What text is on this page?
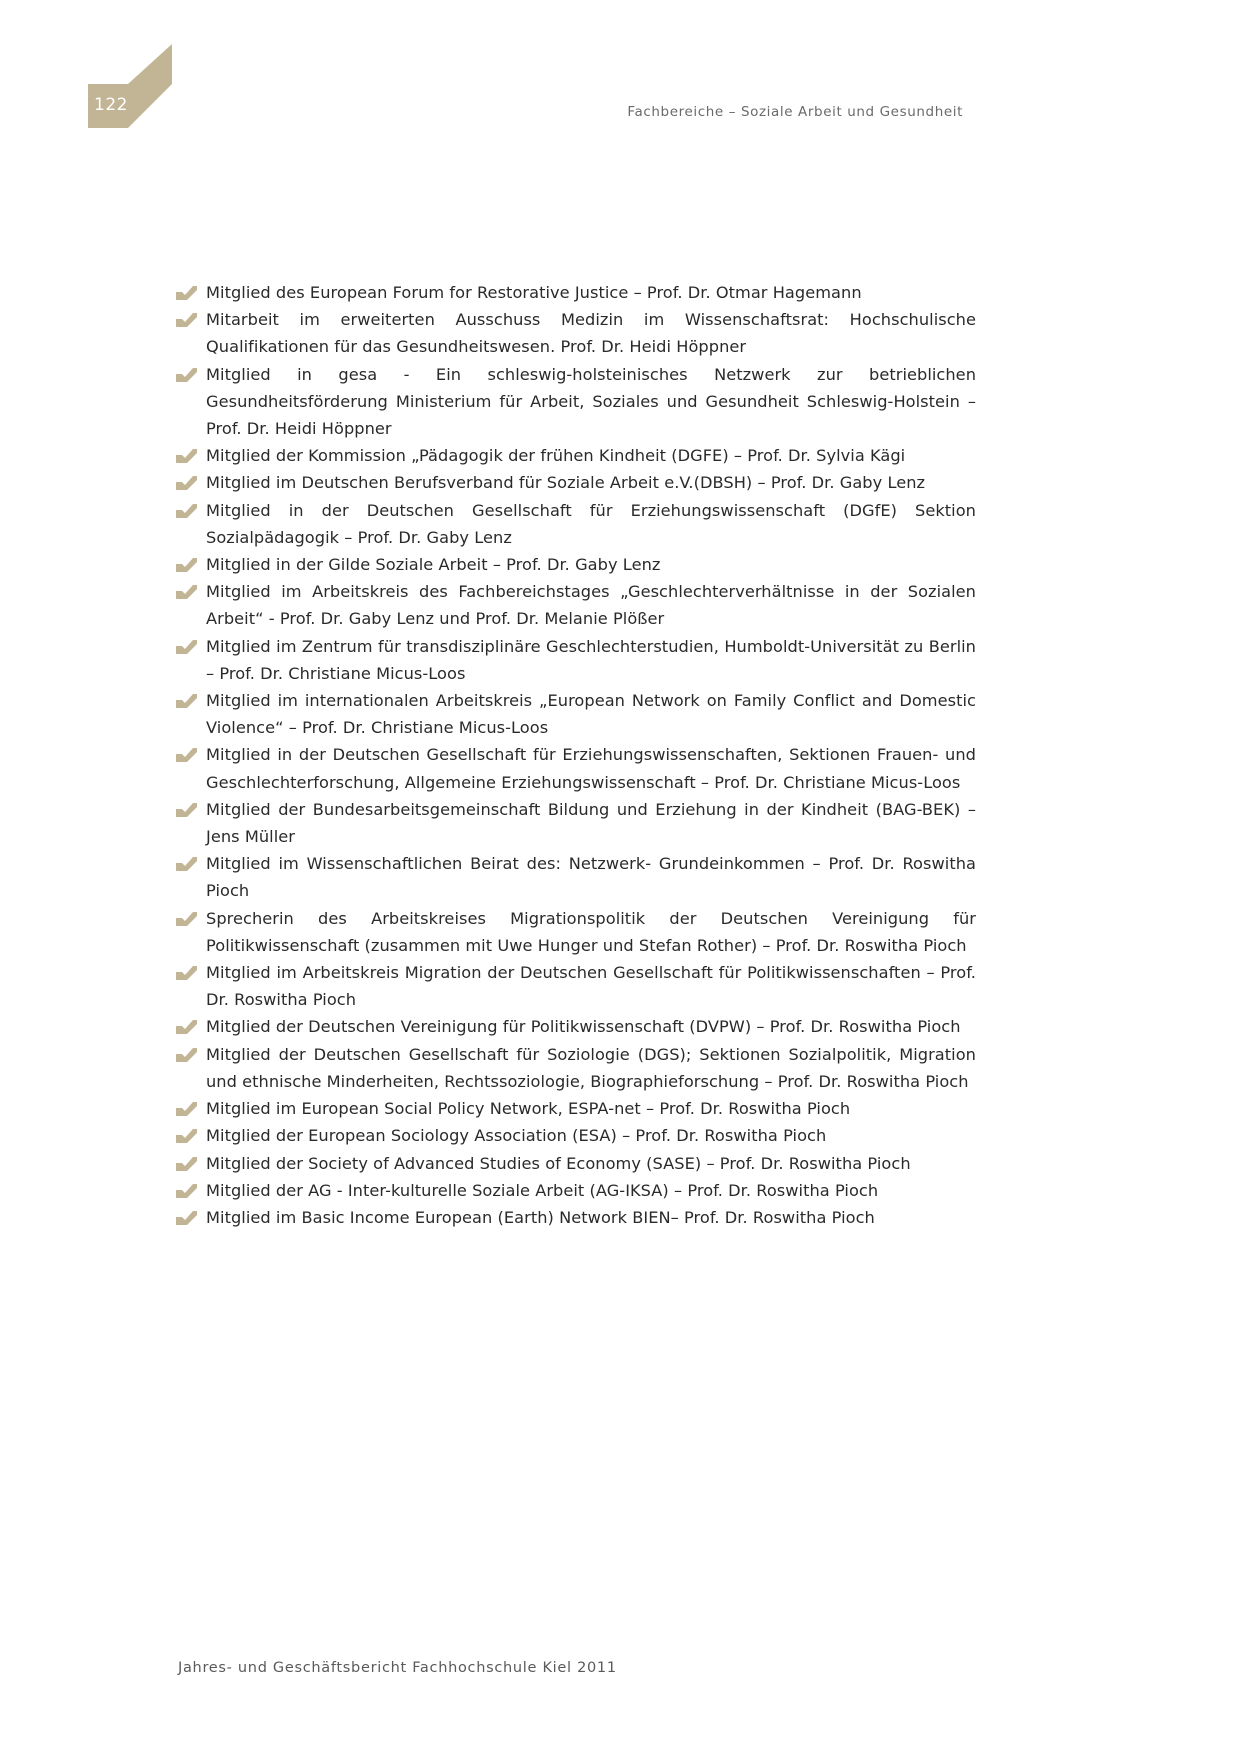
122	Fachbereiche – Soziale Arbeit und Gesundheit
Mitglied des European Forum for Restorative Justice – Prof. Dr. Otmar Hagemann
Mitarbeit im erweiterten Ausschuss Medizin im Wissenschaftsrat: Hochschulische Qualifikationen für das Gesundheitswesen. Prof. Dr. Heidi Höppner
Mitglied in gesa - Ein schleswig-holsteinisches Netzwerk zur betrieblichen Gesundheitsförderung Ministerium für Arbeit, Soziales und Gesundheit Schleswig-Holstein – Prof. Dr. Heidi Höppner
Mitglied der Kommission „Pädagogik der frühen Kindheit (DGFE) – Prof. Dr. Sylvia Kägi
Mitglied im Deutschen Berufsverband für Soziale Arbeit e.V.(DBSH) – Prof. Dr. Gaby Lenz
Mitglied in der Deutschen Gesellschaft für Erziehungswissenschaft (DGfE) Sektion Sozialpädagogik – Prof. Dr. Gaby Lenz
Mitglied in der Gilde Soziale Arbeit – Prof. Dr. Gaby Lenz
Mitglied im Arbeitskreis des Fachbereichstages „Geschlechterverhältnisse in der Sozialen Arbeit“ - Prof. Dr. Gaby Lenz und Prof. Dr. Melanie Plößer
Mitglied im Zentrum für transdisziplinäre Geschlechterstudien, Humboldt-Universität zu Berlin – Prof. Dr. Christiane Micus-Loos
Mitglied im internationalen Arbeitskreis „European Network on Family Conflict and Domestic Violence“ – Prof. Dr. Christiane Micus-Loos
Mitglied in der Deutschen Gesellschaft für Erziehungswissenschaften, Sektionen Frauen- und Geschlechterforschung, Allgemeine Erziehungswissenschaft – Prof. Dr. Christiane Micus-Loos
Mitglied der Bundesarbeitsgemeinschaft Bildung und Erziehung in der Kindheit (BAG-BEK) – Jens Müller
Mitglied im Wissenschaftlichen Beirat des: Netzwerk- Grundeinkommen – Prof. Dr. Roswitha Pioch
Sprecherin des Arbeitskreises Migrationspolitik der Deutschen Vereinigung für Politikwissenschaft (zusammen mit Uwe Hunger und Stefan Rother) – Prof. Dr. Roswitha Pioch
Mitglied im Arbeitskreis Migration der Deutschen Gesellschaft für Politikwissenschaften – Prof. Dr. Roswitha Pioch
Mitglied der Deutschen Vereinigung für Politikwissenschaft (DVPW) – Prof. Dr. Roswitha Pioch
Mitglied der Deutschen Gesellschaft für Soziologie (DGS); Sektionen Sozialpolitik, Migration und ethnische Minderheiten, Rechtssoziologie, Biographieforschung – Prof. Dr. Roswitha Pioch
Mitglied im European Social Policy Network, ESPA-net – Prof. Dr. Roswitha Pioch
Mitglied der European Sociology Association (ESA) – Prof. Dr. Roswitha Pioch
Mitglied der Society of Advanced Studies of Economy (SASE) – Prof. Dr. Roswitha Pioch
Mitglied der AG - Inter-kulturelle Soziale Arbeit (AG-IKSA) – Prof. Dr. Roswitha Pioch
Mitglied im Basic Income European (Earth) Network BIEN– Prof. Dr. Roswitha Pioch
Jahres- und Geschäftsbericht Fachhochschule Kiel 2011
